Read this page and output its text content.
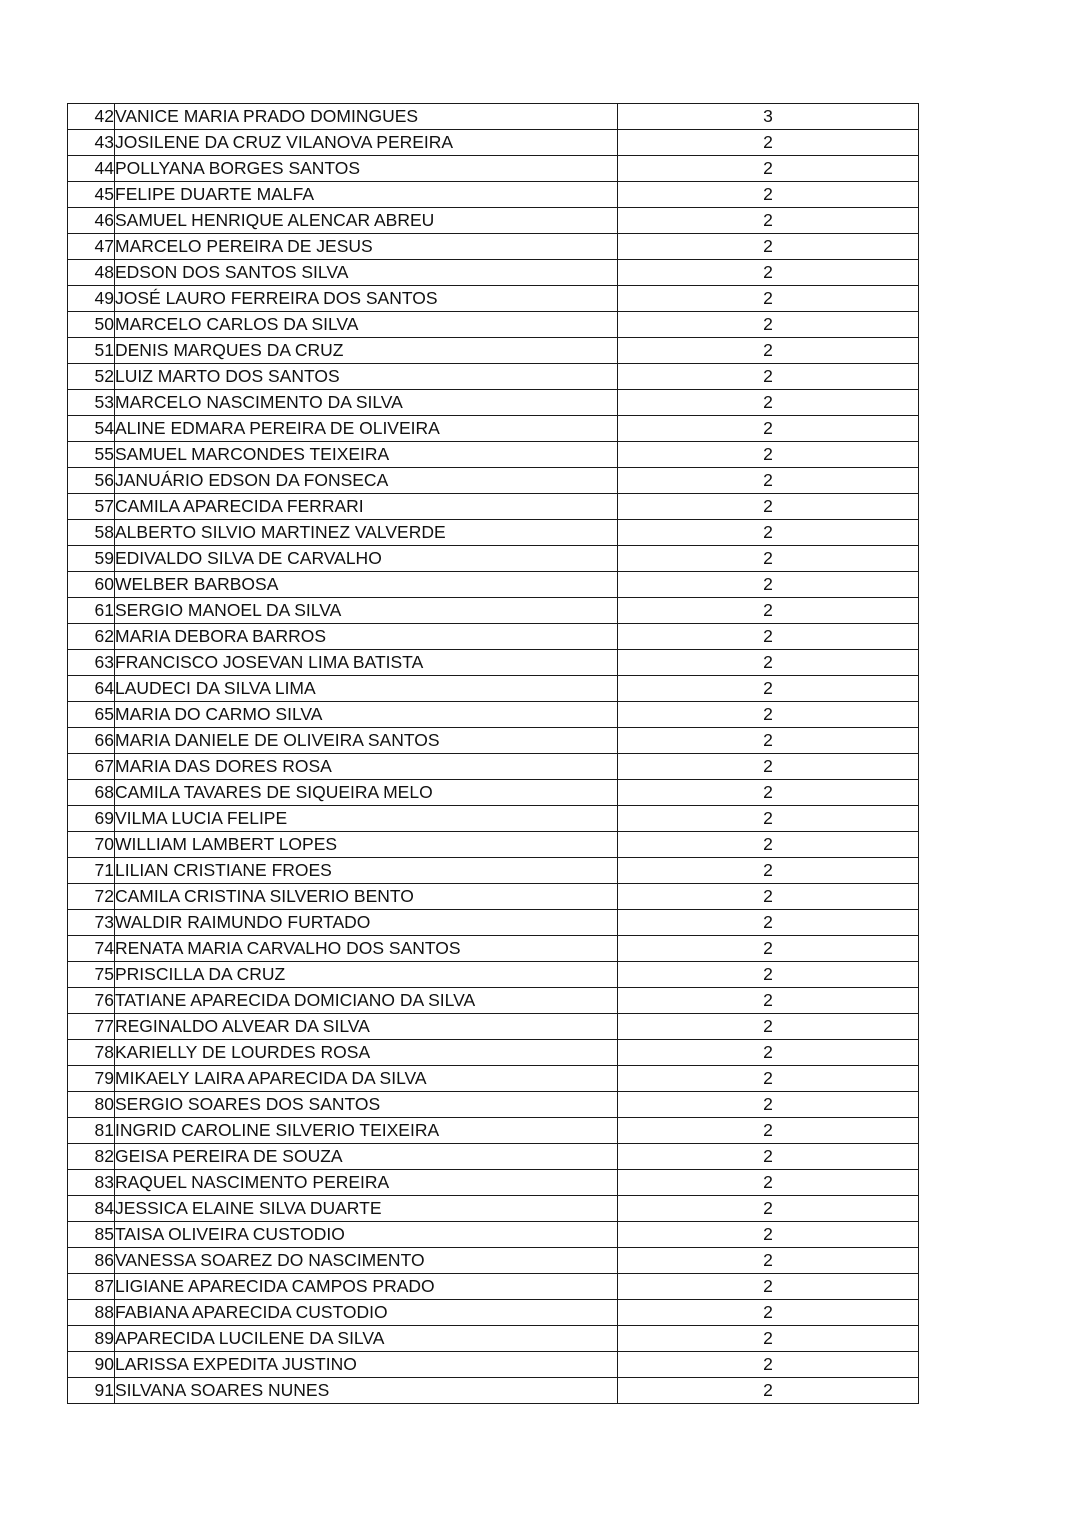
42	VANICE MARIA PRADO DOMINGUES	3
43	JOSILENE DA CRUZ VILANOVA PEREIRA	2
44	POLLYANA BORGES SANTOS	2
45	FELIPE DUARTE MALFA	2
46	SAMUEL HENRIQUE ALENCAR ABREU	2
47	MARCELO PEREIRA DE JESUS	2
48	EDSON DOS SANTOS SILVA	2
49	JOSÉ LAURO FERREIRA DOS SANTOS	2
50	MARCELO CARLOS DA SILVA	2
51	DENIS MARQUES DA CRUZ	2
52	LUIZ MARTO DOS SANTOS	2
53	MARCELO NASCIMENTO DA SILVA	2
54	ALINE EDMARA PEREIRA DE OLIVEIRA	2
55	SAMUEL MARCONDES TEIXEIRA	2
56	JANUÁRIO EDSON DA FONSECA	2
57	CAMILA APARECIDA FERRARI	2
58	ALBERTO SILVIO MARTINEZ VALVERDE	2
59	EDIVALDO SILVA DE CARVALHO	2
60	WELBER BARBOSA	2
61	SERGIO MANOEL DA SILVA	2
62	MARIA DEBORA BARROS	2
63	FRANCISCO JOSEVAN LIMA BATISTA	2
64	LAUDECI DA SILVA LIMA	2
65	MARIA DO CARMO SILVA	2
66	MARIA DANIELE DE OLIVEIRA SANTOS	2
67	MARIA DAS DORES ROSA	2
68	CAMILA TAVARES DE SIQUEIRA MELO	2
69	VILMA LUCIA FELIPE	2
70	WILLIAM LAMBERT LOPES	2
71	LILIAN CRISTIANE FROES	2
72	CAMILA CRISTINA SILVERIO BENTO	2
73	WALDIR RAIMUNDO FURTADO	2
74	RENATA MARIA CARVALHO DOS SANTOS	2
75	PRISCILLA DA CRUZ	2
76	TATIANE APARECIDA DOMICIANO DA SILVA	2
77	REGINALDO ALVEAR DA SILVA	2
78	KARIELLY DE LOURDES ROSA	2
79	MIKAELY LAIRA APARECIDA DA SILVA	2
80	SERGIO SOARES DOS SANTOS	2
81	INGRID CAROLINE SILVERIO TEIXEIRA	2
82	GEISA PEREIRA DE SOUZA	2
83	RAQUEL NASCIMENTO PEREIRA	2
84	JESSICA ELAINE SILVA DUARTE	2
85	TAISA OLIVEIRA CUSTODIO	2
86	VANESSA SOAREZ DO NASCIMENTO	2
87	LIGIANE APARECIDA CAMPOS PRADO	2
88	FABIANA APARECIDA CUSTODIO	2
89	APARECIDA LUCILENE DA SILVA	2
90	LARISSA EXPEDITA JUSTINO	2
91	SILVANA SOARES NUNES	2
